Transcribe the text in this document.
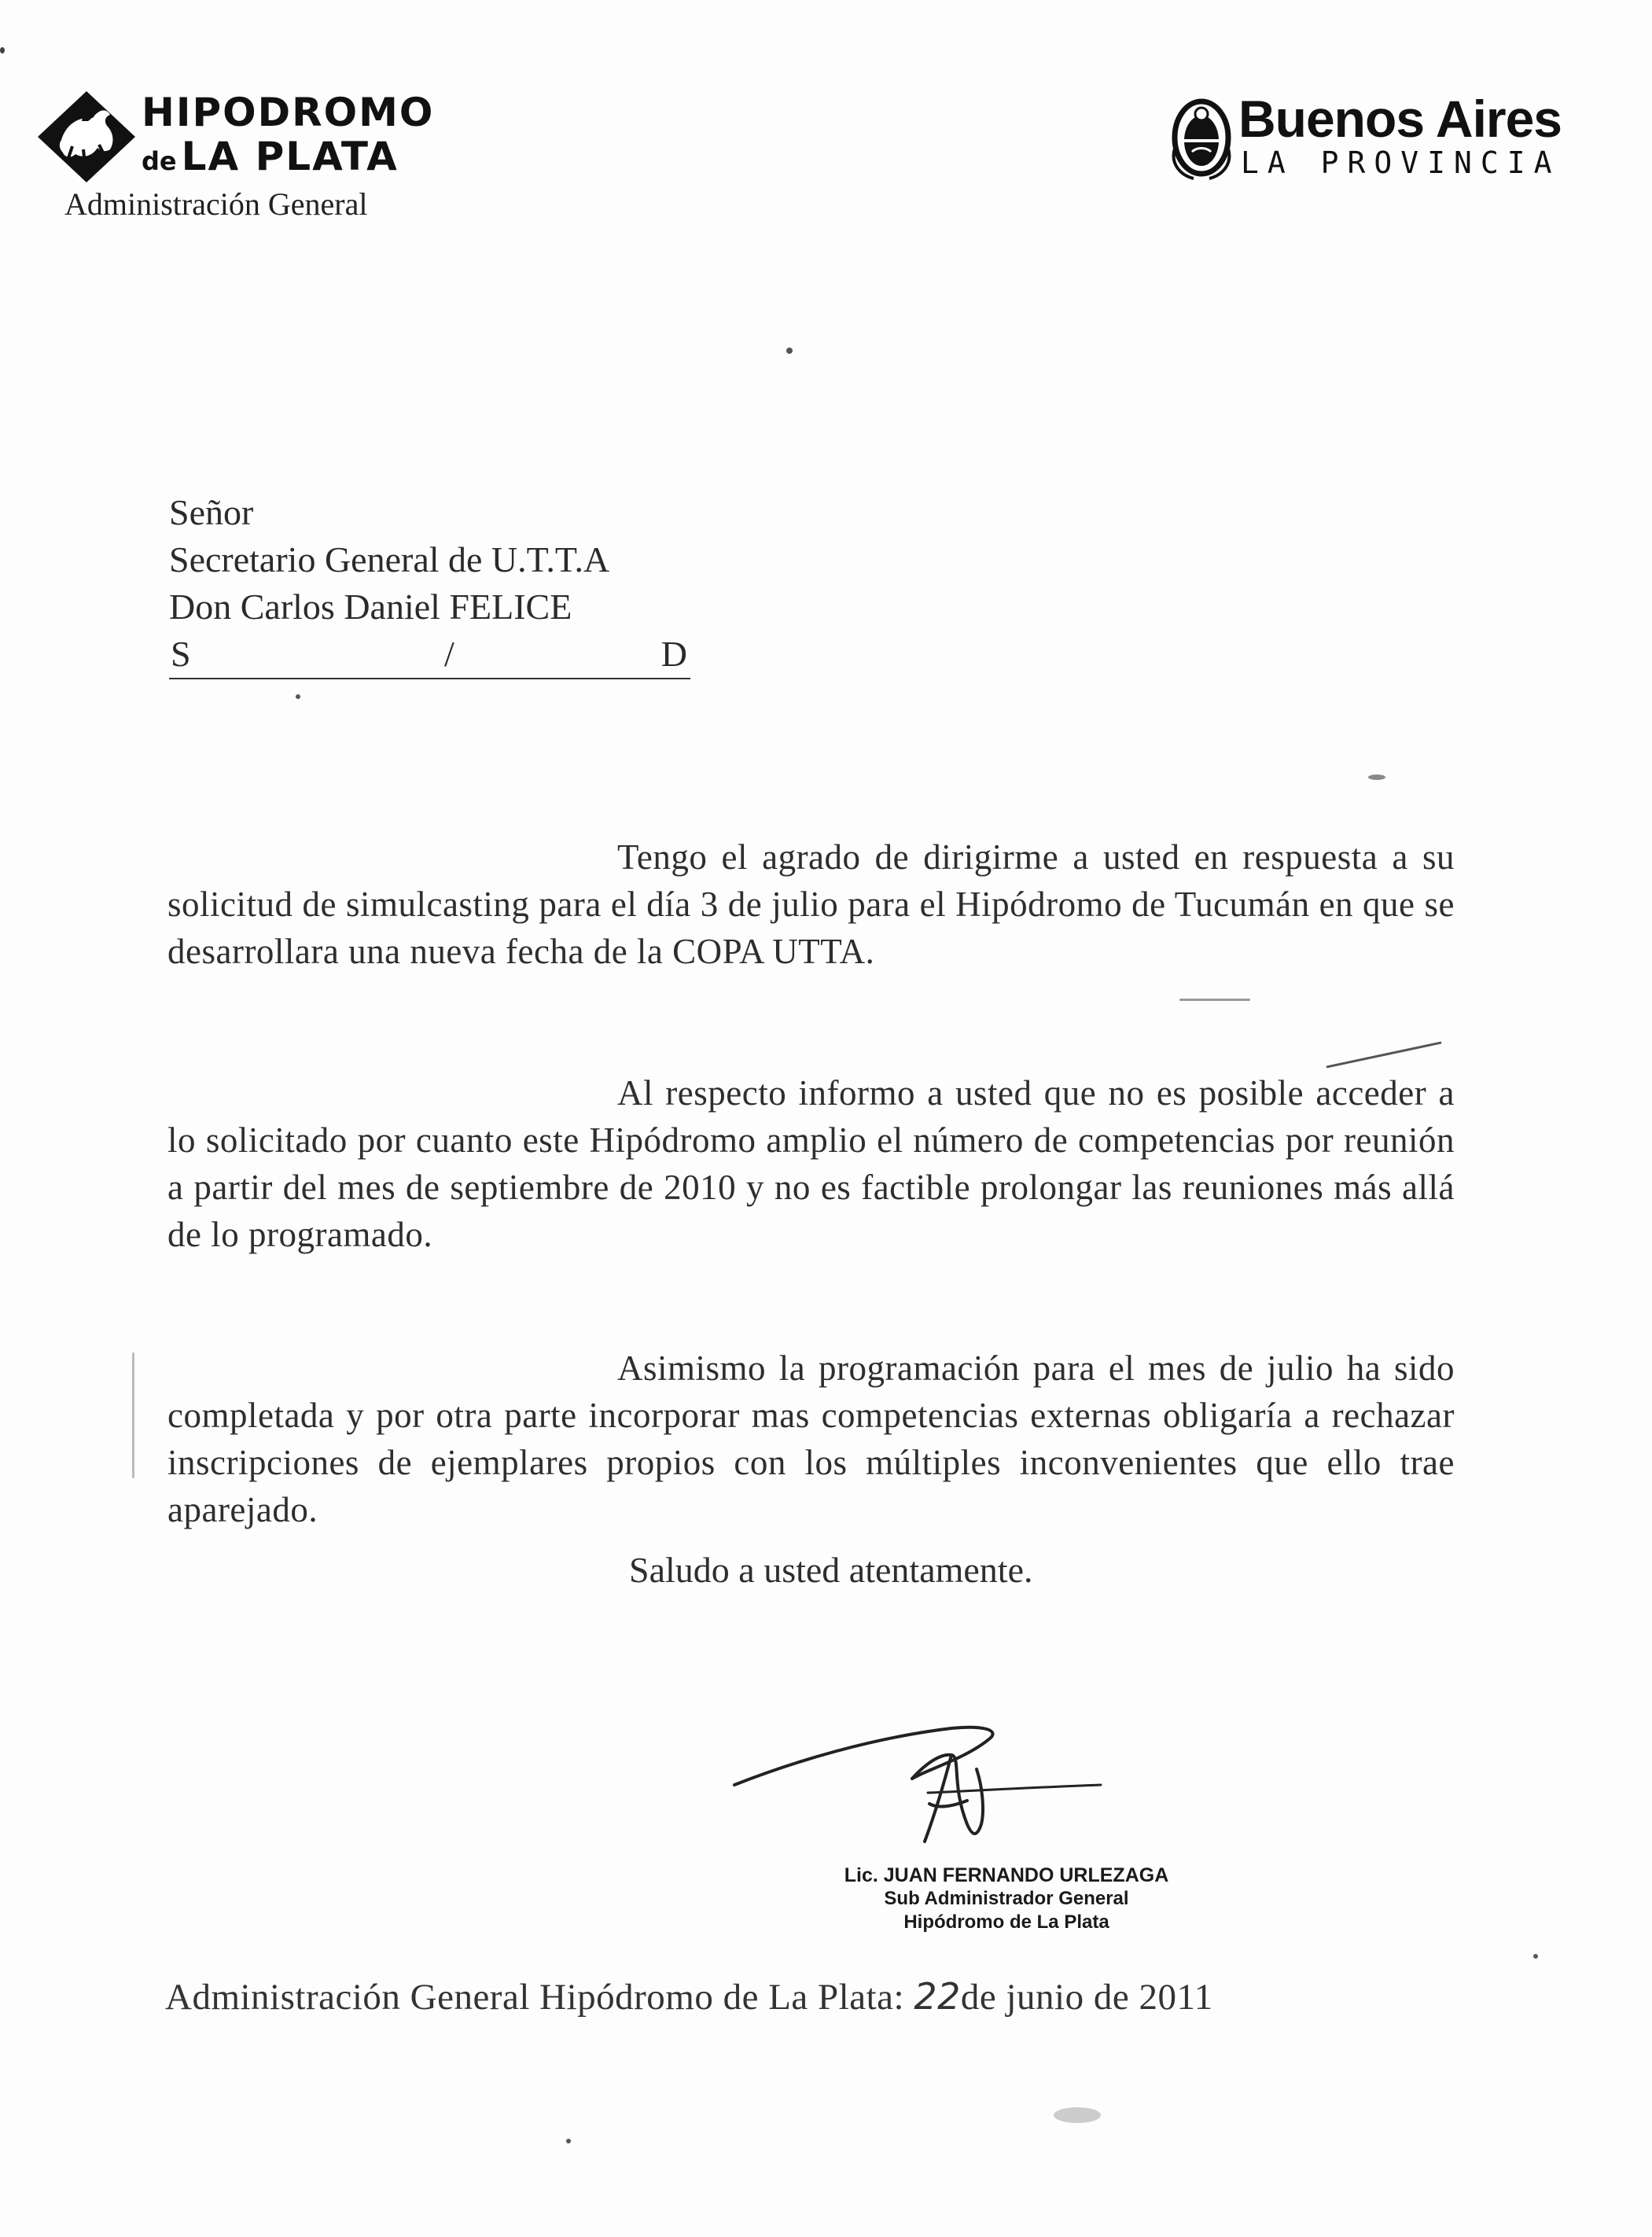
HIPODROMO
de LA PLATA
Administración General
Buenos Aires
LA PROVINCIA
Señor
Secretario General de U.T.T.A
Don Carlos Daniel FELICE
S	/	D

Tengo el agrado de dirigirme a usted en respuesta a su solicitud de simulcasting para el día 3 de julio para el Hipódromo de Tucumán en que se desarrollara una nueva fecha de la COPA UTTA.

Al respecto informo a usted que no es posible acceder a lo solicitado por cuanto este Hipódromo amplio el número de competencias por reunión a partir del mes de septiembre de 2010 y no es factible prolongar las reuniones más allá de lo programado.

Asimismo la programación para el mes de julio ha sido completada y por otra parte incorporar mas competencias externas obligaría a rechazar inscripciones de ejemplares propios con los múltiples inconvenientes que ello trae aparejado.

Saludo a usted atentamente.
Lic. JUAN FERNANDO URLEZAGA
Sub Administrador General
Hipódromo de La Plata
Administración General Hipódromo de La Plata: 22de junio de 2011
